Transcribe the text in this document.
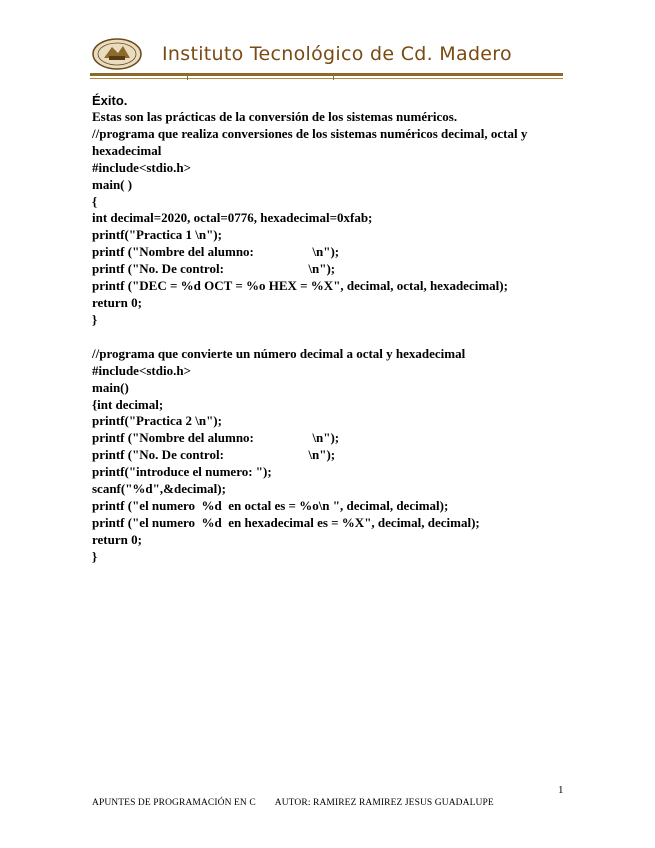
Instituto Tecnológico de Cd. Madero
Éxito.
Estas son las prácticas de la conversión de los sistemas numéricos.
//programa que realiza conversiones de los sistemas numéricos decimal, octal y hexadecimal
#include<stdio.h>
main( )
{
int decimal=2020, octal=0776, hexadecimal=0xfab;
printf("Practica 1 \n");
printf ("Nombre del alumno:                  \n");
printf ("No. De control:                          \n");
printf ("DEC = %d OCT = %o HEX = %X", decimal, octal, hexadecimal);
return 0;
}
//programa que convierte un número decimal a octal y hexadecimal
#include<stdio.h>
main()
{int decimal;
printf("Practica 2 \n");
printf ("Nombre del alumno:                  \n");
printf ("No. De control:                          \n");
printf("introduce el numero: ");
scanf("%d",&decimal);
printf ("el numero  %d  en octal es = %o\n ", decimal, decimal);
printf ("el numero  %d  en hexadecimal es = %X", decimal, decimal);
return 0;
}
1
APUNTES DE PROGRAMACIÓN EN C AUTOR: RAMIREZ RAMIREZ JESUS GUADALUPE
